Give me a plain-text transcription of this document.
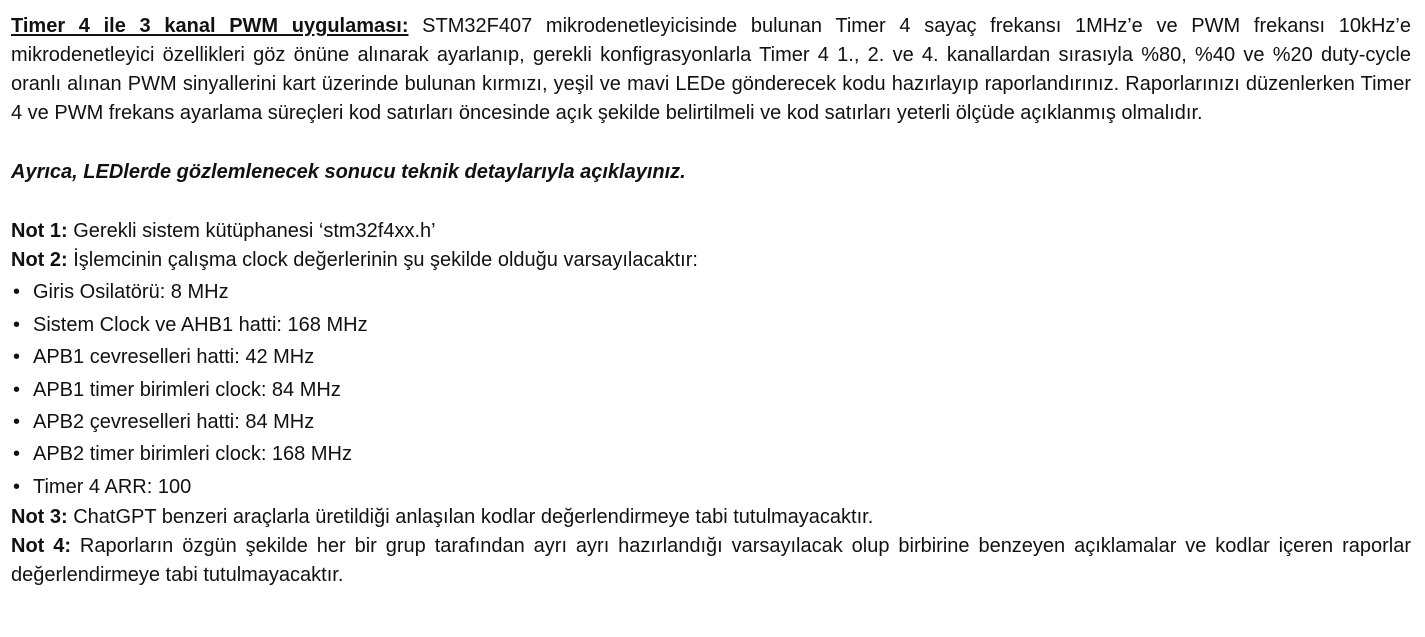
Timer 4 ile 3 kanal PWM uygulaması: STM32F407 mikrodenetleyicisinde bulunan Timer 4 sayaç frekansı 1MHz’e ve PWM frekansı 10kHz’e mikrodenetleyici özellikleri göz önüne alınarak ayarlanıp, gerekli konfigrasyonlarla Timer 4 1., 2. ve 4. kanallardan sırasıyla %80, %40 ve %20 duty-cycle oranlı alınan PWM sinyallerini kart üzerinde bulunan kırmızı, yeşil ve mavi LEDe gönderecek kodu hazırlayıp raporlandırınız. Raporlarınızı düzenlerken Timer 4 ve PWM frekans ayarlama süreçleri kod satırları öncesinde açık şekilde belirtilmeli ve kod satırları yeterli ölçüde açıklanmış olmalıdır.

Ayrıca, LEDlerde gözlemlenecek sonucu teknik detaylarıyla açıklayınız.

Not 1: Gerekli sistem kütüphanesi ‘stm32f4xx.h’

Not 2: İşlemcinin çalışma clock değerlerinin şu şekilde olduğu varsayılacaktır:

• Giris Osilatörü: 8 MHz
• Sistem Clock ve AHB1 hatti: 168 MHz
• APB1 cevreselleri hatti: 42 MHz
• APB1 timer birimleri clock: 84 MHz
• APB2 çevreselleri hatti: 84 MHz
• APB2 timer birimleri clock: 168 MHz
• Timer 4 ARR: 100

Not 3: ChatGPT benzeri araçlarla üretildiği anlaşılan kodlar değerlendirmeye tabi tutulmayacaktır.

Not 4: Raporların özgün şekilde her bir grup tarafından ayrı ayrı hazırlandığı varsayılacak olup birbirine benzeyen açıklamalar ve kodlar içeren raporlar değerlendirmeye tabi tutulmayacaktır.
